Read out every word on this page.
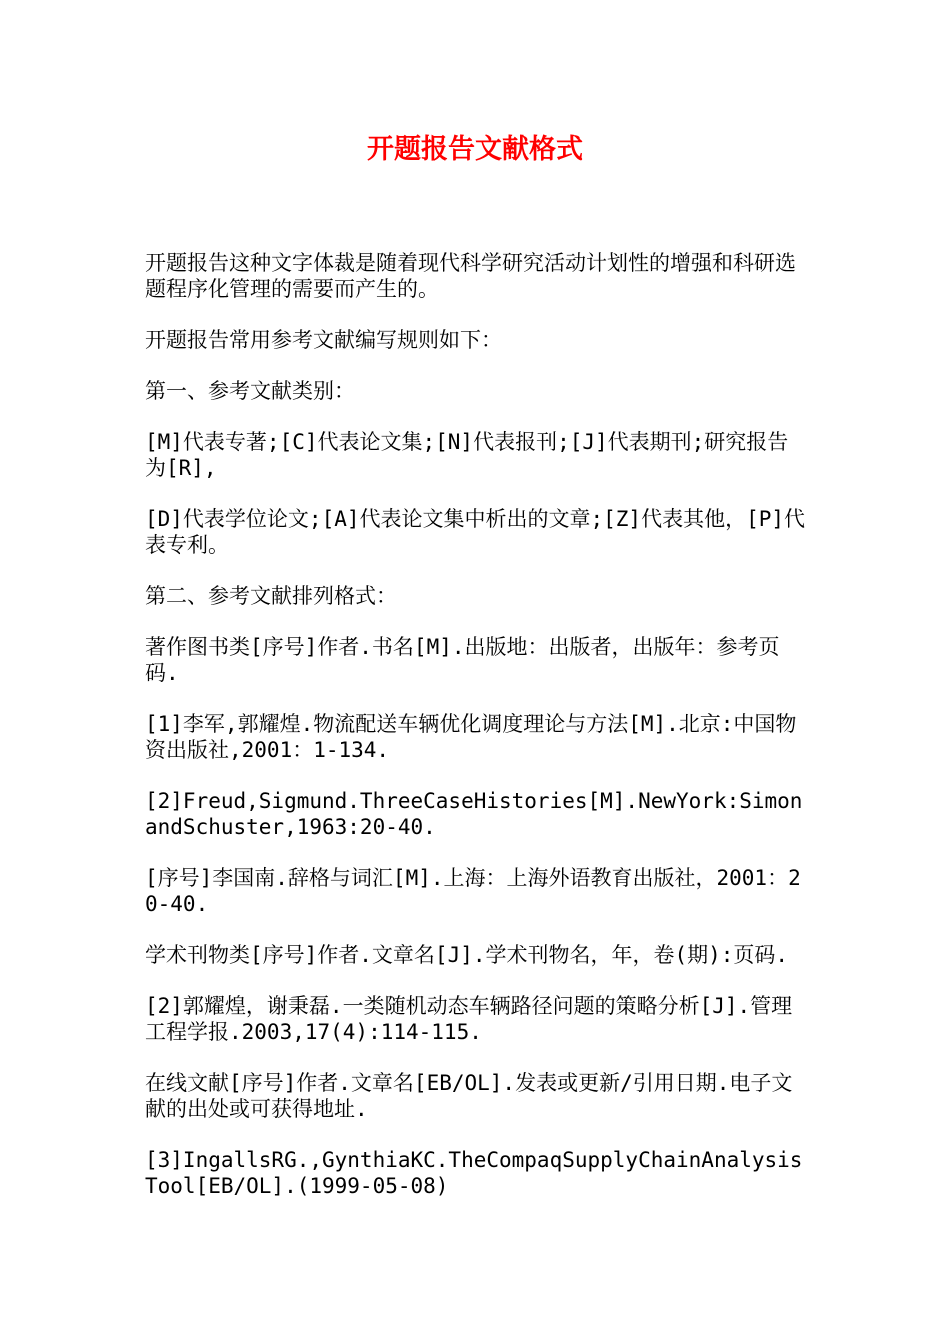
开题报告文献格式

开题报告这种文字体裁是随着现代科学研究活动计划性的增强和科研选题程序化管理的需要而产生的。

开题报告常用参考文献编写规则如下：

第一、参考文献类别：

[M]代表专著;[C]代表论文集;[N]代表报刊;[J]代表期刊;研究报告为[R],

[D]代表学位论文;[A]代表论文集中析出的文章;[Z]代表其他，[P]代表专利。

第二、参考文献排列格式：

著作图书类[序号]作者.书名[M].出版地：出版者，出版年：参考页码.

[1]李军,郭耀煌.物流配送车辆优化调度理论与方法[M].北京:中国物资出版社,2001：1-134.

[2]Freud,Sigmund.ThreeCaseHistories[M].NewYork:SimonandSchuster,1963:20-40.

[序号]李国南.辞格与词汇[M].上海：上海外语教育出版社，2001：20-40.

学术刊物类[序号]作者.文章名[J].学术刊物名，年，卷(期):页码.

[2]郭耀煌，谢秉磊.一类随机动态车辆路径问题的策略分析[J].管理工程学报.2003,17(4):114-115.

在线文献[序号]作者.文章名[EB/OL].发表或更新/引用日期.电子文献的出处或可获得地址.

[3]IngallsRG.,GynthiaKC.TheCompaqSupplyChainAnalysisTool[EB/OL].(1999-05-08)
